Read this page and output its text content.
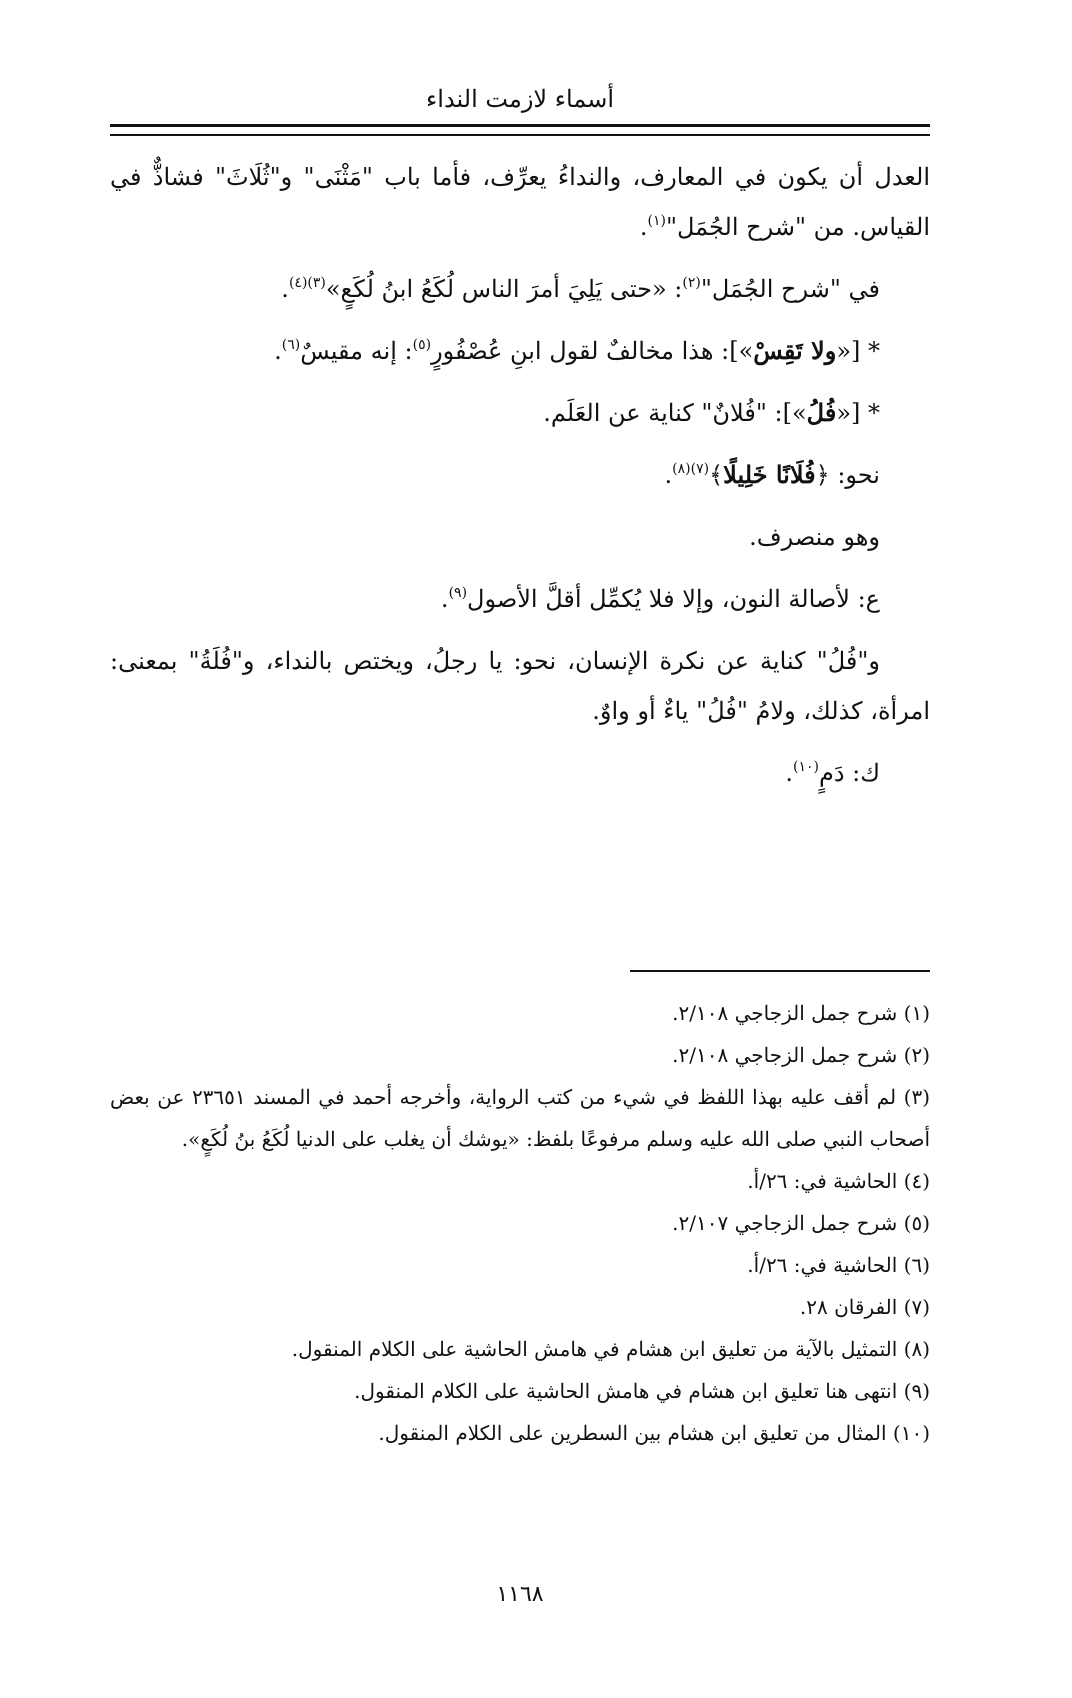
أسماء لازمت النداء

العدل أن يكون في المعارف، والنداءُ يعرِّف، فأما باب "مَثْنَى" و"ثُلَاثَ" فشاذٌّ في القياس. من "شرح الجُمَل"$^{(١)}$.

في "شرح الجُمَل"$^{(٢)}$: «حتى يَلِيَ أمرَ الناس لُكَعُ ابنُ لُكَعٍ»$^{(٣)(٤)}$.

* [«ولا تَقِسْ»]: هذا مخالفٌ لقول ابنِ عُصْفُورٍ$^{(٥)}$: إنه مقيسٌ$^{(٦)}$.

* [«فُلُ»]: "فُلانٌ" كناية عن العَلَم.

نحو: ﴿فُلَانًا خَلِيلًا﴾$^{(٧)(٨)}$.

وهو منصرف.

ع: لأصالة النون، وإلا فلا يُكمِّل أقلَّ الأصول$^{(٩)}$.

و"فُلُ" كناية عن نكرة الإنسان، نحو: يا رجلُ، ويختص بالنداء، و"فُلَةُ" بمعنى: امرأة، كذلك، ولامُ "فُلُ" ياءٌ أو واوٌ.

ك: دَمٍ$^{(١٠)}$.

(١) شرح جمل الزجاجي ٢/١٠٨.

(٢) شرح جمل الزجاجي ٢/١٠٨.

(٣) لم أقف عليه بهذا اللفظ في شيء من كتب الرواية، وأخرجه أحمد في المسند ٢٣٦٥١ عن بعض أصحاب النبي صلى الله عليه وسلم مرفوعًا بلفظ: «يوشك أن يغلب على الدنيا لُكَعُ بنُ لُكَعٍ».

(٤) الحاشية في: ٢٦/أ.

(٥) شرح جمل الزجاجي ٢/١٠٧.

(٦) الحاشية في: ٢٦/أ.

(٧) الفرقان ٢٨.

(٨) التمثيل بالآية من تعليق ابن هشام في هامش الحاشية على الكلام المنقول.

(٩) انتهى هنا تعليق ابن هشام في هامش الحاشية على الكلام المنقول.

(١٠) المثال من تعليق ابن هشام بين السطرين على الكلام المنقول.

١١٦٨
